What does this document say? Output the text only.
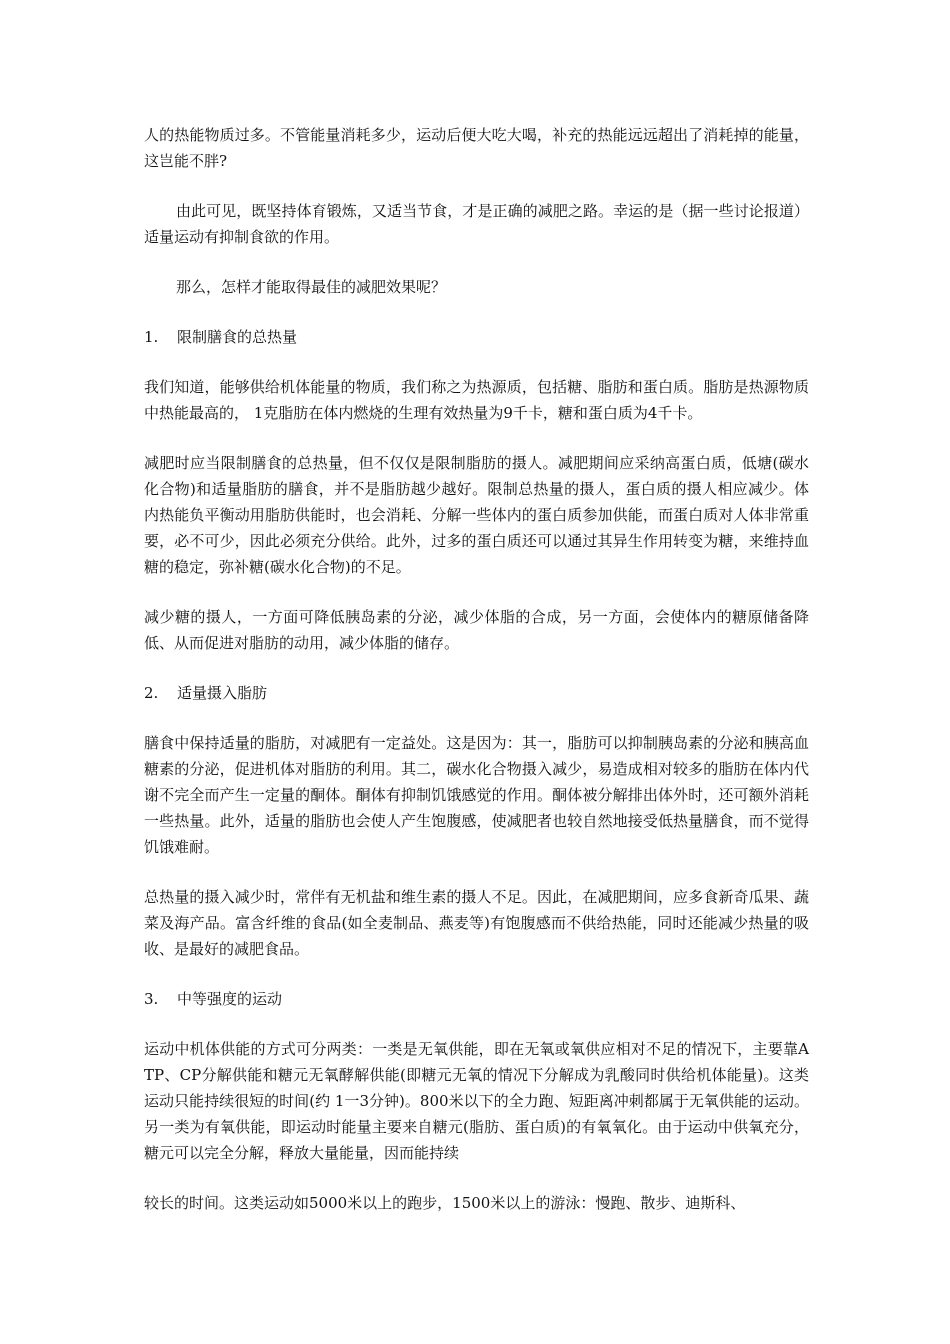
人的热能物质过多。不管能量消耗多少，运动后便大吃大喝，补充的热能远远超出了消耗掉的能量，这岂能不胖?

由此可见，既坚持体育锻炼，又适当节食，才是正确的减肥之路。幸运的是（据一些讨论报道）适量运动有抑制食欲的作用。

那么，怎样才能取得最佳的减肥效果呢？

1. 限制膳食的总热量

我们知道，能够供给机体能量的物质，我们称之为热源质，包括糖、脂肪和蛋白质。脂肪是热源物质中热能最高的， 1克脂肪在体内燃烧的生理有效热量为9千卡，糖和蛋白质为4千卡。

减肥时应当限制膳食的总热量，但不仅仅是限制脂肪的摄人。减肥期间应采纳高蛋白质，低塘(碳水化合物)和适量脂肪的膳食，并不是脂肪越少越好。限制总热量的摄人，蛋白质的摄人相应减少。体内热能负平衡动用脂肪供能时，也会消耗、分解一些体内的蛋白质参加供能，而蛋白质对人体非常重要，必不可少，因此必须充分供给。此外，过多的蛋白质还可以通过其异生作用转变为糖，来维持血糖的稳定，弥补糖(碳水化合物)的不足。

减少糖的摄人，一方面可降低胰岛素的分泌，减少体脂的合成，另一方面，会使体内的糖原储备降低、从而促进对脂肪的动用，减少体脂的储存。

2. 适量摄入脂肪

膳食中保持适量的脂肪，对减肥有一定益处。这是因为：其一，脂肪可以抑制胰岛素的分泌和胰高血糖素的分泌，促进机体对脂肪的利用。其二，碳水化合物摄入减少，易造成相对较多的脂肪在体内代谢不完全而产生一定量的酮体。酮体有抑制饥饿感觉的作用。酮体被分解排出体外时，还可额外消耗一些热量。此外，适量的脂肪也会使人产生饱腹感，使减肥者也较自然地接受低热量膳食，而不觉得饥饿难耐。

总热量的摄入减少时，常伴有无机盐和维生素的摄人不足。因此，在减肥期间，应多食新奇瓜果、蔬菜及海产品。富含纤维的食品(如全麦制品、燕麦等)有饱腹感而不供给热能，同时还能减少热量的吸收、是最好的减肥食品。

3. 中等强度的运动

运动中机体供能的方式可分两类：一类是无氧供能，即在无氧或氧供应相对不足的情况下，主要靠ATP、CP分解供能和糖元无氧酵解供能(即糖元无氧的情况下分解成为乳酸同时供给机体能量)。这类运动只能持续很短的时间(约 1一3分钟)。800米以下的全力跑、短距离冲刺都属于无氧供能的运动。另一类为有氧供能，即运动时能量主要来自糖元(脂肪、蛋白质)的有氧氧化。由于运动中供氧充分，糖元可以完全分解，释放大量能量，因而能持续

较长的时间。这类运动如5000米以上的跑步，1500米以上的游泳：慢跑、散步、迪斯科、
